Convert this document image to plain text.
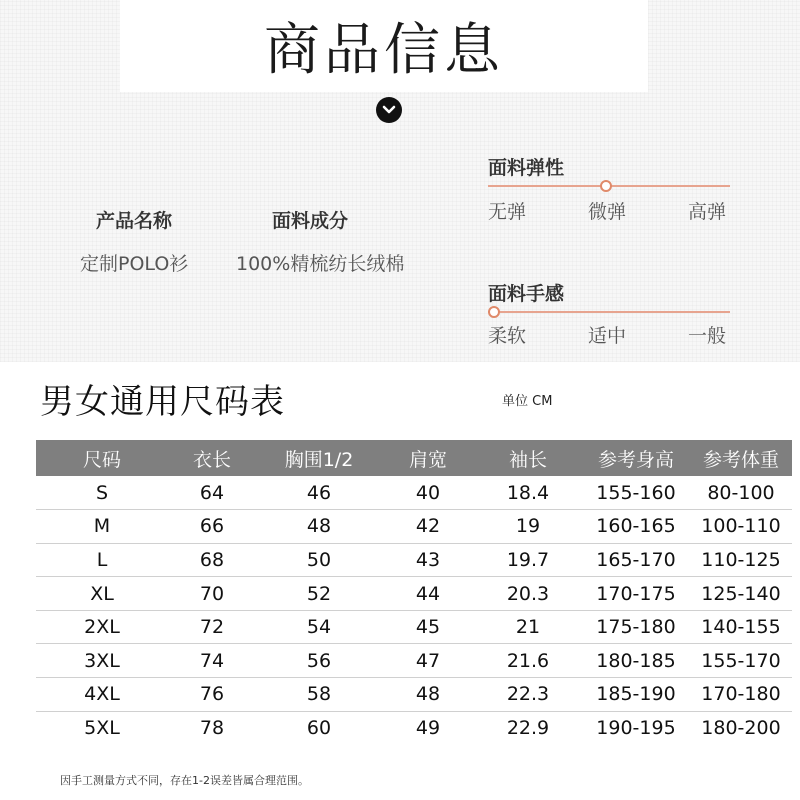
商品信息
产品名称
定制POLO衫
面料成分
100%精梳纺长绒棉
面料弹性
无弹	微弹	高弹
面料手感
柔软	适中	一般
男女通用尺码表	单位 CM
尺码	衣长	胸围1/2	肩宽	袖长	参考身高	参考体重
S	64	46	40	18.4	155-160	80-100
M	66	48	42	19	160-165	100-110
L	68	50	43	19.7	165-170	110-125
XL	70	52	44	20.3	170-175	125-140
2XL	72	54	45	21	175-180	140-155
3XL	74	56	47	21.6	180-185	155-170
4XL	76	58	48	22.3	185-190	170-180
5XL	78	60	49	22.9	190-195	180-200
因手工测量方式不同，存在1-2误差皆属合理范围。
